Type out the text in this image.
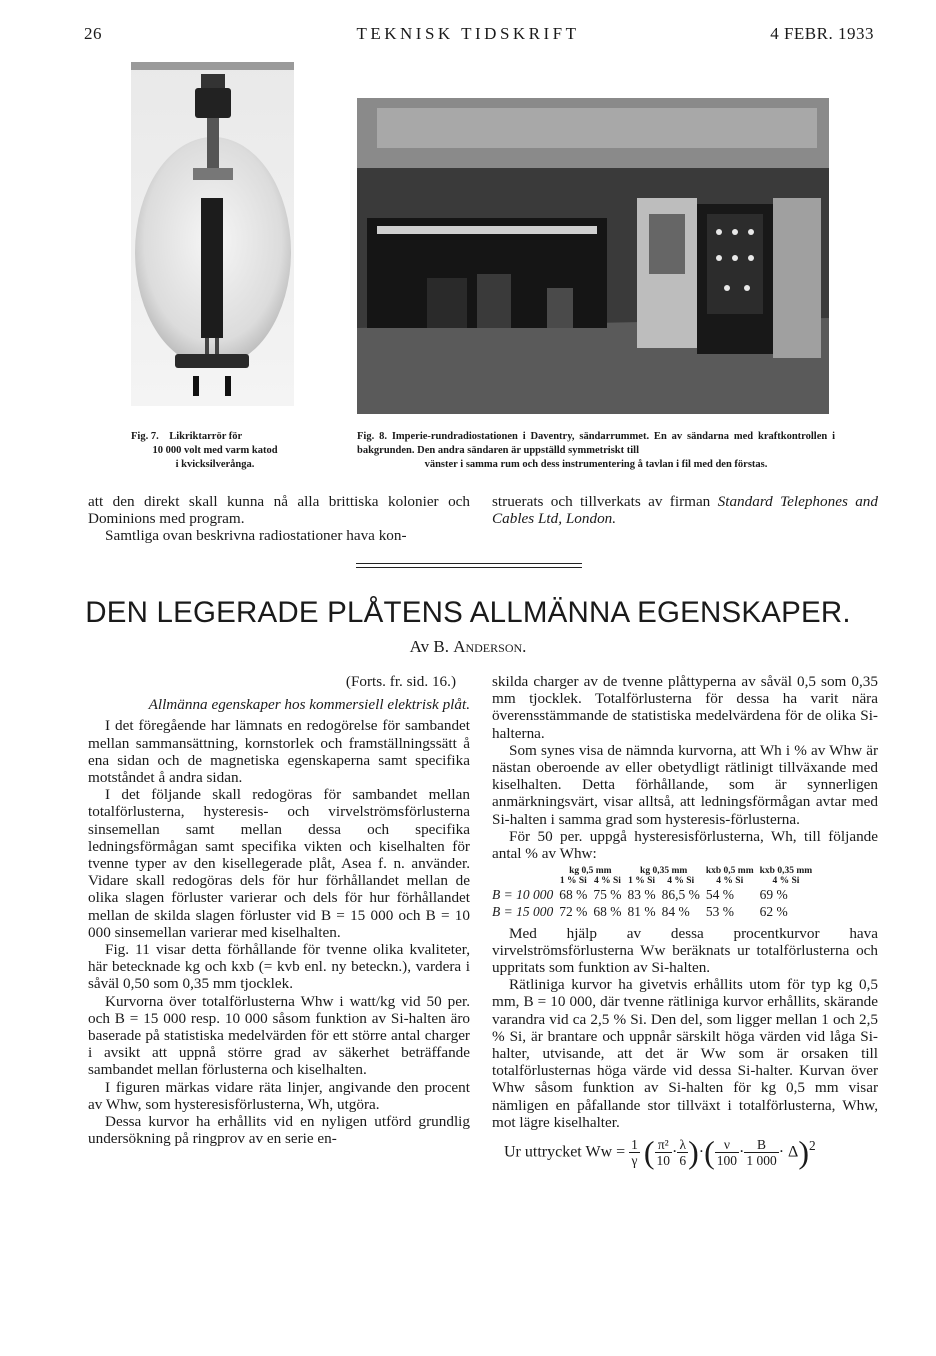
26	TEKNISK TIDSKRIFT	4 FEBR. 1933
Fig. 7. Likriktarrör för
10 000 volt med varm katod
i kvicksilverånga.
Fig. 8. Imperie-rundradiostationen i Daventry, sändarrummet. En av sändarna med kraftkontrollen i bakgrunden. Den andra sändaren är uppställd symmetriskt till
vänster i samma rum och dess instrumentering å tavlan i fil med den förstas.

att den direkt skall kunna nå alla brittiska kolonier och Dominions med program.

Samtliga ovan beskrivna radiostationer hava kon-

struerats och tillverkats av firman Standard Telephones and Cables Ltd, London.

DEN LEGERADE PLÅTENS ALLMÄNNA EGENSKAPER.
Av B. Anderson.

(Forts. fr. sid. 16.)

Allmänna egenskaper hos kommersiell elektrisk plåt.

I det föregående har lämnats en redogörelse för sambandet mellan sammansättning, kornstorlek och framställningssätt å ena sidan och de magnetiska egenskaperna samt specifika motståndet å andra sidan.

I det följande skall redogöras för sambandet mellan totalförlusterna, hysteresis- och virvelströmsförlusterna sinsemellan samt mellan dessa och specifika ledningsförmågan samt specifika vikten och kiselhalten för tvenne typer av den kisellegerade plåt, Asea f. n. använder. Vidare skall redogöras dels för hur förhållandet mellan de olika slagen förluster varierar och dels för hur förhållandet mellan de skilda slagen förluster vid B = 15 000 och B = 10 000 sinsemellan varierar med kiselhalten.

Fig. 11 visar detta förhållande för tvenne olika kvaliteter, här betecknade kg och kxb (= kvb enl. ny beteckn.), vardera i såväl 0,50 som 0,35 mm tjocklek.

Kurvorna över totalförlusterna Whw i watt/kg vid 50 per. och B = 15 000 resp. 10 000 såsom funktion av Si-halten äro baserade på statistiska medelvärden för ett större antal charger i avsikt att uppnå större grad av säkerhet beträffande sambandet mellan förlusterna och kiselhalten.

I figuren märkas vidare räta linjer, angivande den procent av Whw, som hysteresisförlusterna, Wh, utgöra.

Dessa kurvor ha erhållits vid en nyligen utförd grundlig undersökning på ringprov av en serie en-

skilda charger av de tvenne plåttyperna av såväl 0,5 som 0,35 mm tjocklek. Totalförlusterna för dessa ha varit nära överensstämmande de statistiska medelvärdena för de olika Si-halterna.

Som synes visa de nämnda kurvorna, att Wh i % av Whw är nästan oberoende av eller obetydligt rätlinigt tillväxande med kiselhalten. Detta förhållande, som är synnerligen anmärkningsvärt, visar alltså, att ledningsförmågan avtar med Si-halten i samma grad som hysteresis-förlusterna.

För 50 per. uppgå hysteresisförlusterna, Wh, till följande antal % av Whw:

	kg 0,5 mm		kg 0,35 mm		kxb 0,5 mm	kxb 0,35 mm
	1 % Si	4 % Si	1 % Si	4 % Si	4 % Si	4 % Si
B = 10 000	68 %	75 %	83 %	86,5 %	54 %	69 %
B = 15 000	72 %	68 %	81 %	84 %	53 %	62 %

Med hjälp av dessa procentkurvor hava virvelströmsförlusterna Ww beräknats ur totalförlusterna och uppritats som funktion av Si-halten.

Rätliniga kurvor ha givetvis erhållits utom för typ kg 0,5 mm, B = 10 000, där tvenne rätliniga kurvor erhållits, skärande varandra vid ca 2,5 % Si. Den del, som ligger mellan 1 och 2,5 % Si, är brantare och uppnår särskilt höga värden vid låga Si-halter, utvisande, att det är Ww som är orsaken till totalförlusternas höga värde vid dessa Si-halter. Kurvan över Whw såsom funktion av Si-halten för kg 0,5 mm visar nämligen en påfallande stor tillväxt i totalförlusterna, Whw, mot lägre kiselhalter.

Ur uttrycket $Ww = \frac{1}{\gamma}$ ( $\frac{\text{π²}}{10} \cdot \frac{\lambda}{6}$ )·( $\frac{\nu}{100} \cdot \frac{B}{1 000} \cdot \Delta)^2$
